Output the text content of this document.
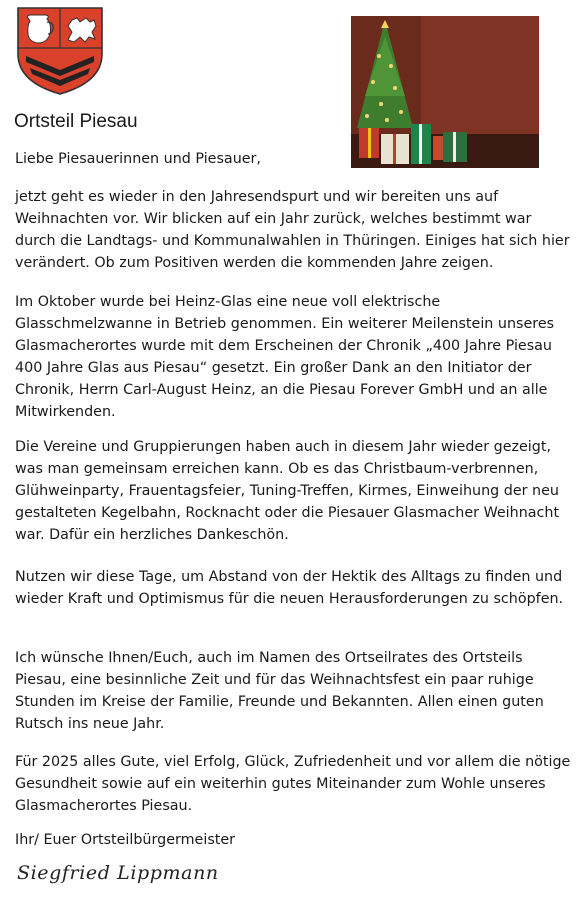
Ortsteil Piesau

Liebe Piesauerinnen und Piesauer,

jetzt geht es wieder in den Jahresendspurt und wir bereiten uns auf Weihnachten vor. Wir blicken auf ein Jahr zurück, welches bestimmt war durch die Landtags- und Kommunalwahlen in Thüringen. Einiges hat sich hier verändert. Ob zum Positiven werden die kommenden Jahre zeigen.

Im Oktober wurde bei Heinz-Glas eine neue voll elektrische Glasschmelzwanne in Betrieb genommen. Ein weiterer Meilenstein unseres Glasmacherortes wurde mit dem Erscheinen der Chronik „400 Jahre Piesau 400 Jahre Glas aus Piesau“ gesetzt. Ein großer Dank an den Initiator der Chronik, Herrn Carl-August Heinz, an die Piesau Forever GmbH und an alle Mitwirkenden.

Die Vereine und Gruppierungen haben auch in diesem Jahr wieder gezeigt, was man gemeinsam erreichen kann. Ob es das Christbaum-verbrennen, Glühweinparty, Frauentagsfeier, Tuning-Treffen, Kirmes, Einweihung der neu gestalteten Kegelbahn, Rocknacht oder die Piesauer Glasmacher Weihnacht war. Dafür ein herzliches Dankeschön.

Nutzen wir diese Tage, um Abstand von der Hektik des Alltags zu finden und wieder Kraft und Optimismus für die neuen Herausforderungen zu schöpfen.

Ich wünsche Ihnen/Euch, auch im Namen des Ortseilrates des Ortsteils Piesau, eine besinnliche Zeit und für das Weihnachtsfest ein paar ruhige Stunden im Kreise der Familie, Freunde und Bekannten. Allen einen guten Rutsch ins neue Jahr.

Für 2025 alles Gute, viel Erfolg, Glück, Zufriedenheit und vor allem die nötige Gesundheit sowie auf ein weiterhin gutes Miteinander zum Wohle unseres Glasmacherortes Piesau.

Ihr/ Euer Ortsteilbürgermeister

Siegfried Lippmann
